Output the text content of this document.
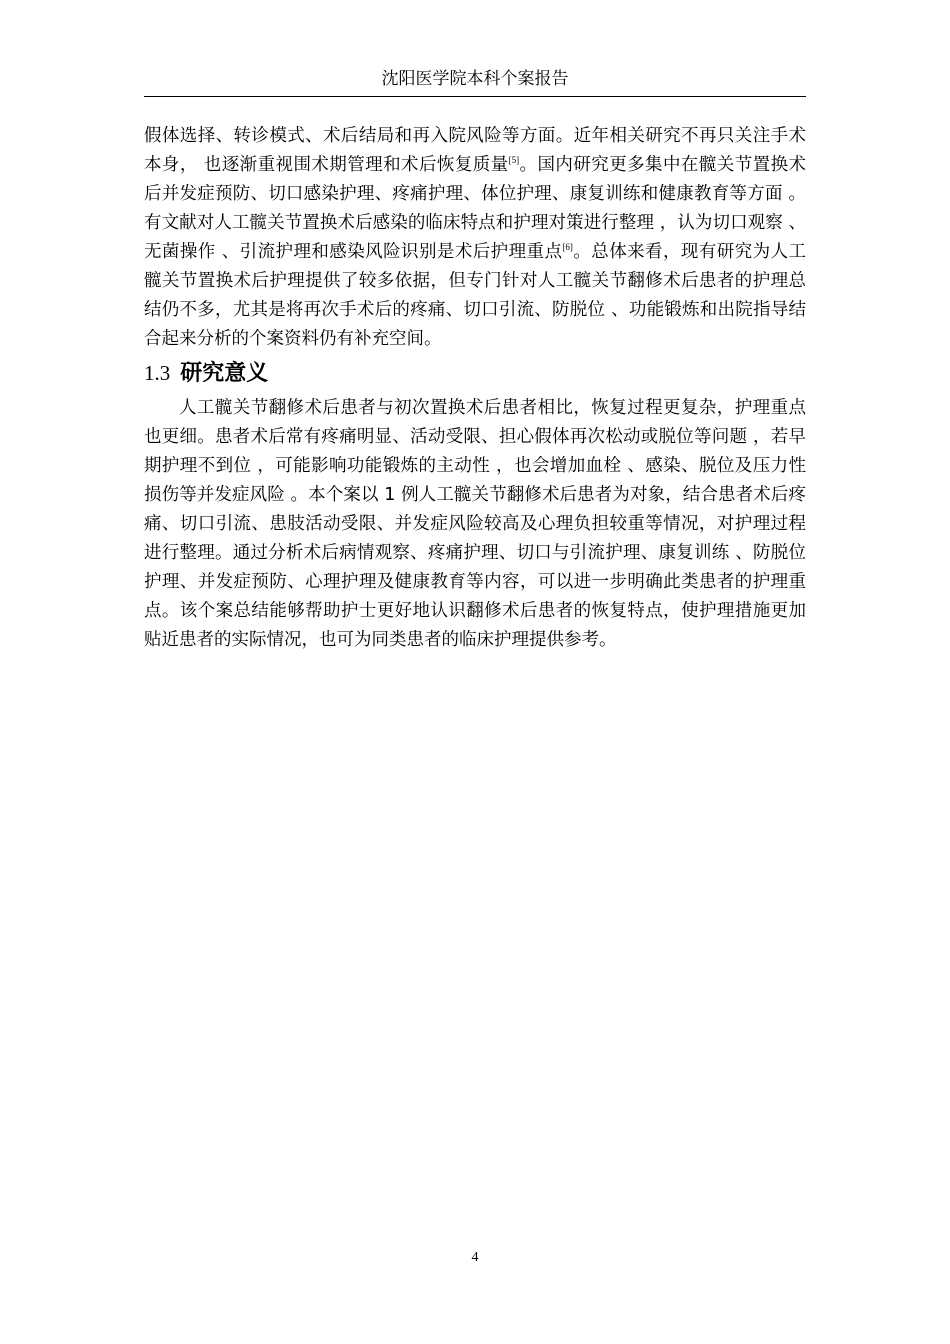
沈阳医学院本科个案报告

假体选择、转诊模式、术后结局和再入院风险等方面。近年相关研究不再只关注手术本身， 也逐渐重视围术期管理和术后恢复质量[5]。国内研究更多集中在髋关节置换术后并发症预防、切口感染护理、疼痛护理、体位护理、康复训练和健康教育等方面 。有文献对人工髋关节置换术后感染的临床特点和护理对策进行整理 ，认为切口观察 、无菌操作 、引流护理和感染风险识别是术后护理重点[6]。总体来看，现有研究为人工髋关节置换术后护理提供了较多依据，但专门针对人工髋关节翻修术后患者的护理总结仍不多，尤其是将再次手术后的疼痛、切口引流、防脱位 、功能锻炼和出院指导结合起来分析的个案资料仍有补充空间。

1.3 研究意义

人工髋关节翻修术后患者与初次置换术后患者相比，恢复过程更复杂，护理重点也更细。患者术后常有疼痛明显、活动受限、担心假体再次松动或脱位等问题 ，若早期护理不到位 ，可能影响功能锻炼的主动性 ，也会增加血栓 、感染、脱位及压力性损伤等并发症风险 。本个案以 1 例人工髋关节翻修术后患者为对象，结合患者术后疼痛、切口引流、患肢活动受限、并发症风险较高及心理负担较重等情况，对护理过程进行整理。通过分析术后病情观察、疼痛护理、切口与引流护理、康复训练 、防脱位护理、并发症预防、心理护理及健康教育等内容，可以进一步明确此类患者的护理重点。该个案总结能够帮助护士更好地认识翻修术后患者的恢复特点，使护理措施更加贴近患者的实际情况，也可为同类患者的临床护理提供参考。

4
